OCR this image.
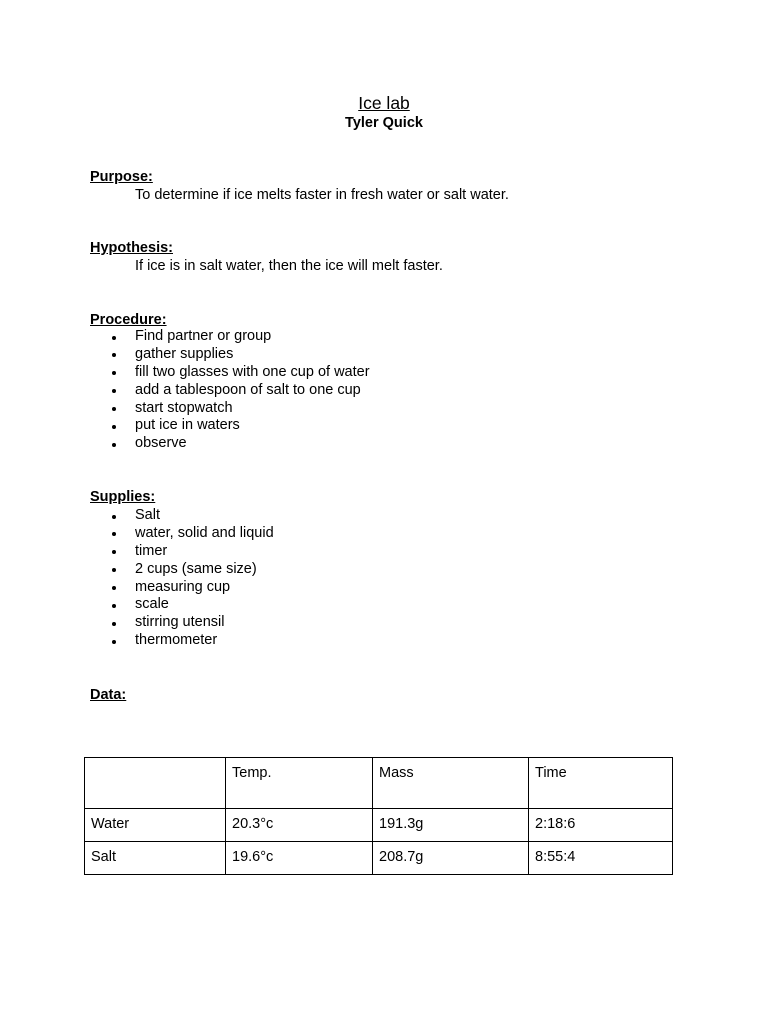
Ice lab
Tyler Quick
Purpose:
To determine if ice melts faster in fresh water or salt water.
Hypothesis:
If ice is in salt water, then the ice will melt faster.
Procedure:
Find partner or group
gather supplies
fill two glasses with one cup of water
add a tablespoon of salt to one cup
start stopwatch
put ice in waters
observe
Supplies:
Salt
water, solid and liquid
timer
2 cups (same size)
measuring cup
scale
stirring utensil
thermometer
Data:
	Temp.	Mass	Time
Water	20.3°c	191.3g	2:18:6
Salt	19.6°c	208.7g	8:55:4
